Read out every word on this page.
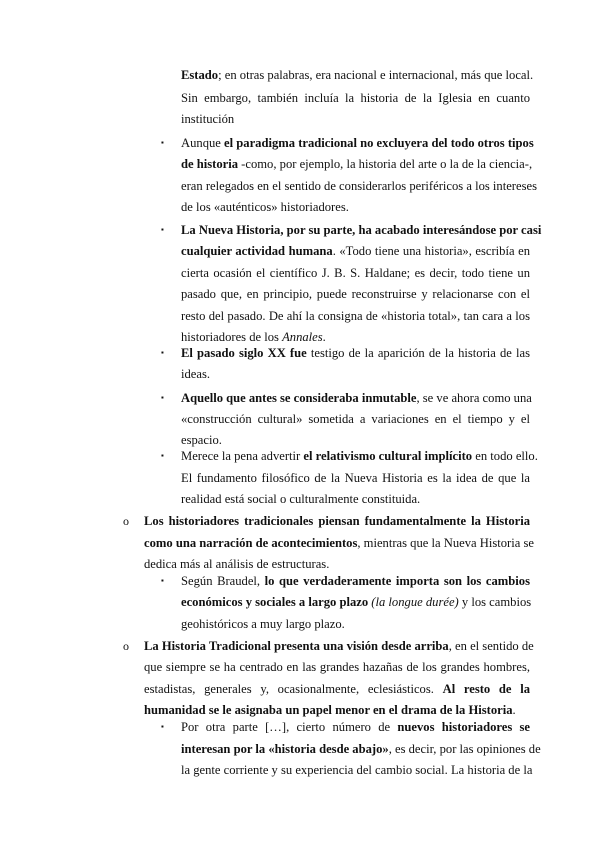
Estado; en otras palabras, era nacional e internacional, más que local.
Sin embargo, también incluía la historia de la Iglesia en cuanto
institución
▪ Aunque el paradigma tradicional no excluyera del todo otros tipos
de historia -como, por ejemplo, la historia del arte o la de la ciencia-,
eran relegados en el sentido de considerarlos periféricos a los intereses
de los «auténticos» historiadores.
▪ La Nueva Historia, por su parte, ha acabado interesándose por casi
cualquier actividad humana. «Todo tiene una historia», escribía en
cierta ocasión el científico J. B. S. Haldane; es decir, todo tiene un
pasado que, en principio, puede reconstruirse y relacionarse con el
resto del pasado. De ahí la consigna de «historia total», tan cara a los
historiadores de los Annales.
▪ El pasado siglo XX fue testigo de la aparición de la historia de las
ideas.
▪ Aquello que antes se consideraba inmutable, se ve ahora como una
«construcción cultural» sometida a variaciones en el tiempo y el
espacio.
▪ Merece la pena advertir el relativismo cultural implícito en todo ello.
El fundamento filosófico de la Nueva Historia es la idea de que la
realidad está social o culturalmente constituida.
o Los historiadores tradicionales piensan fundamentalmente la Historia
como una narración de acontecimientos, mientras que la Nueva Historia se
dedica más al análisis de estructuras.
▪ Según Braudel, lo que verdaderamente importa son los cambios
económicos y sociales a largo plazo (la longue durée) y los cambios
geohistóricos a muy largo plazo.
o La Historia Tradicional presenta una visión desde arriba, en el sentido de
que siempre se ha centrado en las grandes hazañas de los grandes hombres,
estadistas, generales y, ocasionalmente, eclesiásticos. Al resto de la
humanidad se le asignaba un papel menor en el drama de la Historia.
▪ Por otra parte […], cierto número de nuevos historiadores se
interesan por la «historia desde abajo», es decir, por las opiniones de
la gente corriente y su experiencia del cambio social. La historia de la
